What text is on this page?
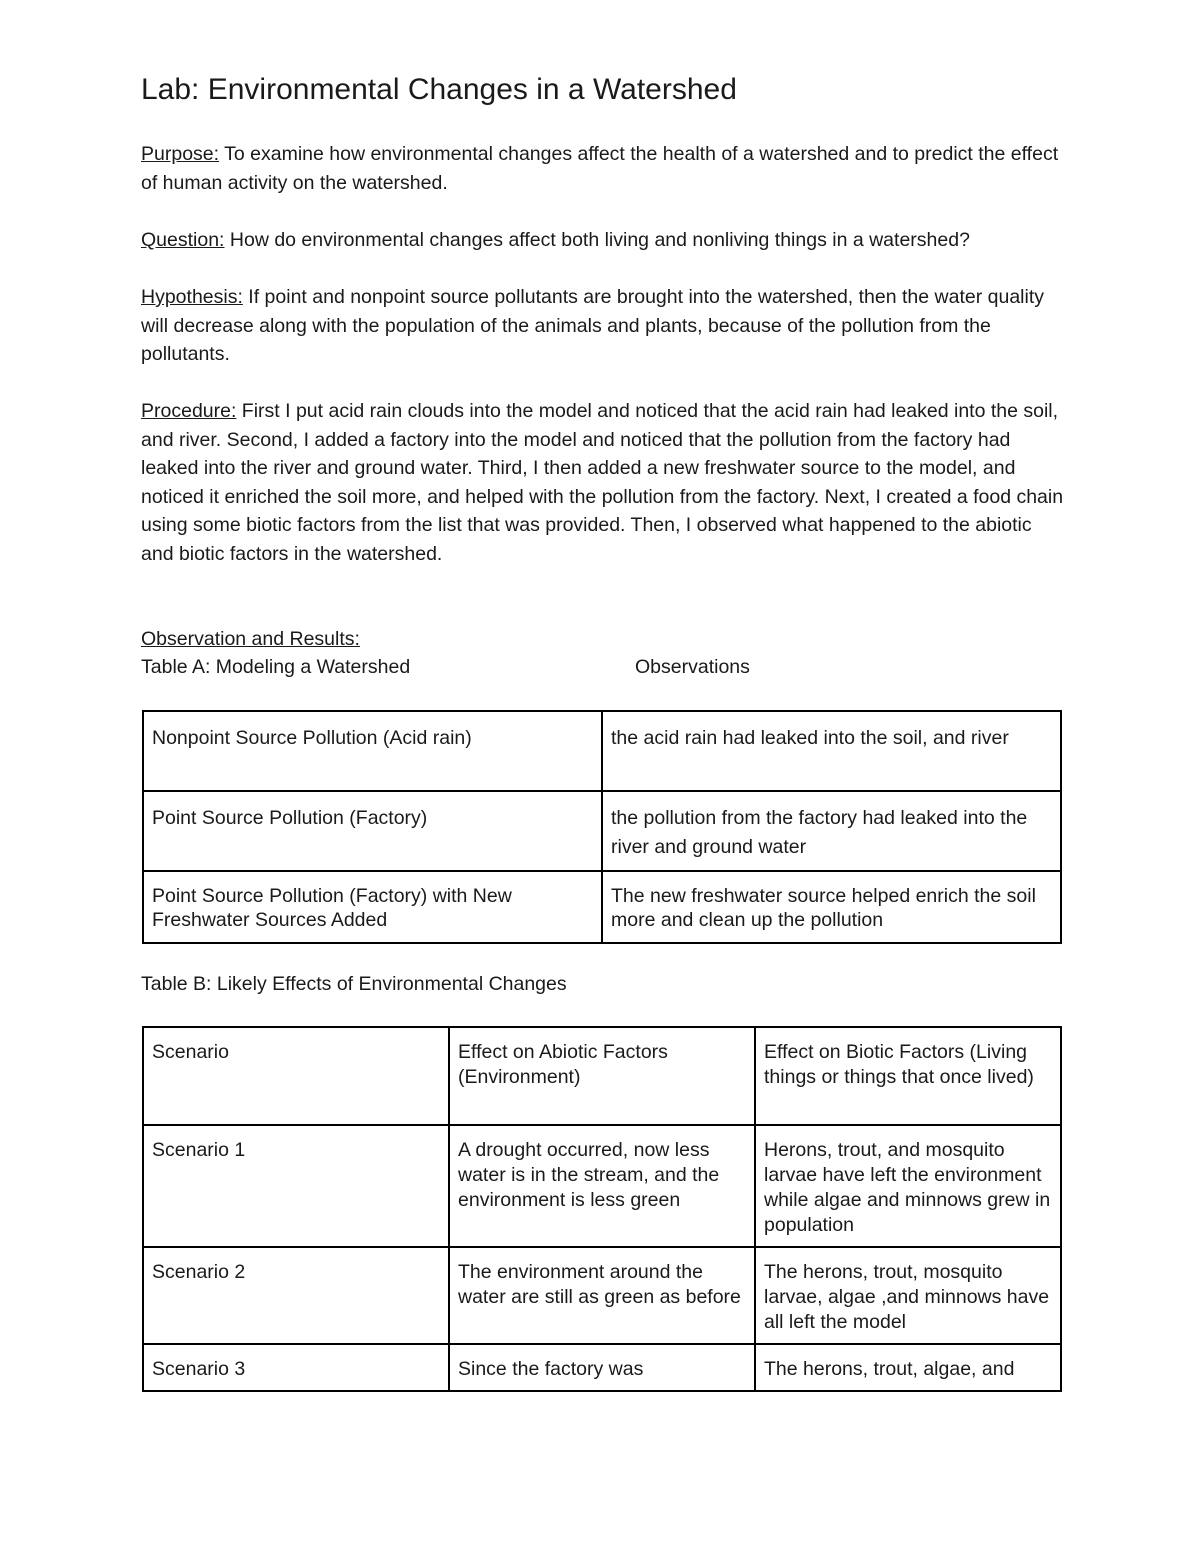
Lab: Environmental Changes in a Watershed

Purpose: To examine how environmental changes affect the health of a watershed and to predict the effect of human activity on the watershed.

Question: How do environmental changes affect both living and nonliving things in a watershed?

Hypothesis: If point and nonpoint source pollutants are brought into the watershed, then the water quality will decrease along with the population of the animals and plants, because of the pollution from the pollutants.

Procedure: First I put acid rain clouds into the model and noticed that the acid rain had leaked into the soil, and river. Second, I added a factory into the model and noticed that the pollution from the factory had leaked into the river and ground water. Third, I then added a new freshwater source to the model, and noticed it enriched the soil more, and helped with the pollution from the factory. Next, I created a food chain using some biotic factors from the list that was provided. Then, I observed what happened to the abiotic and biotic factors in the watershed.

Observation and Results:

Table A: Modeling a Watershed	Observations

Nonpoint Source Pollution (Acid rain)	the acid rain had leaked into the soil, and river
Point Source Pollution (Factory)	the pollution from the factory had leaked into the river and ground water
Point Source Pollution (Factory) with New Freshwater Sources Added	The new freshwater source helped enrich the soil more and clean up the pollution

Table B: Likely Effects of Environmental Changes

Scenario	Effect on Abiotic Factors (Environment)	Effect on Biotic Factors (Living things or things that once lived)
Scenario 1	A drought occurred, now less water is in the stream, and the environment is less green	Herons, trout, and mosquito larvae have left the environment while algae and minnows grew in population
Scenario 2	The environment around the water are still as green as before	The herons, trout, mosquito larvae, algae ,and minnows have all left the model
Scenario 3	Since the factory was	The herons, trout, algae, and
